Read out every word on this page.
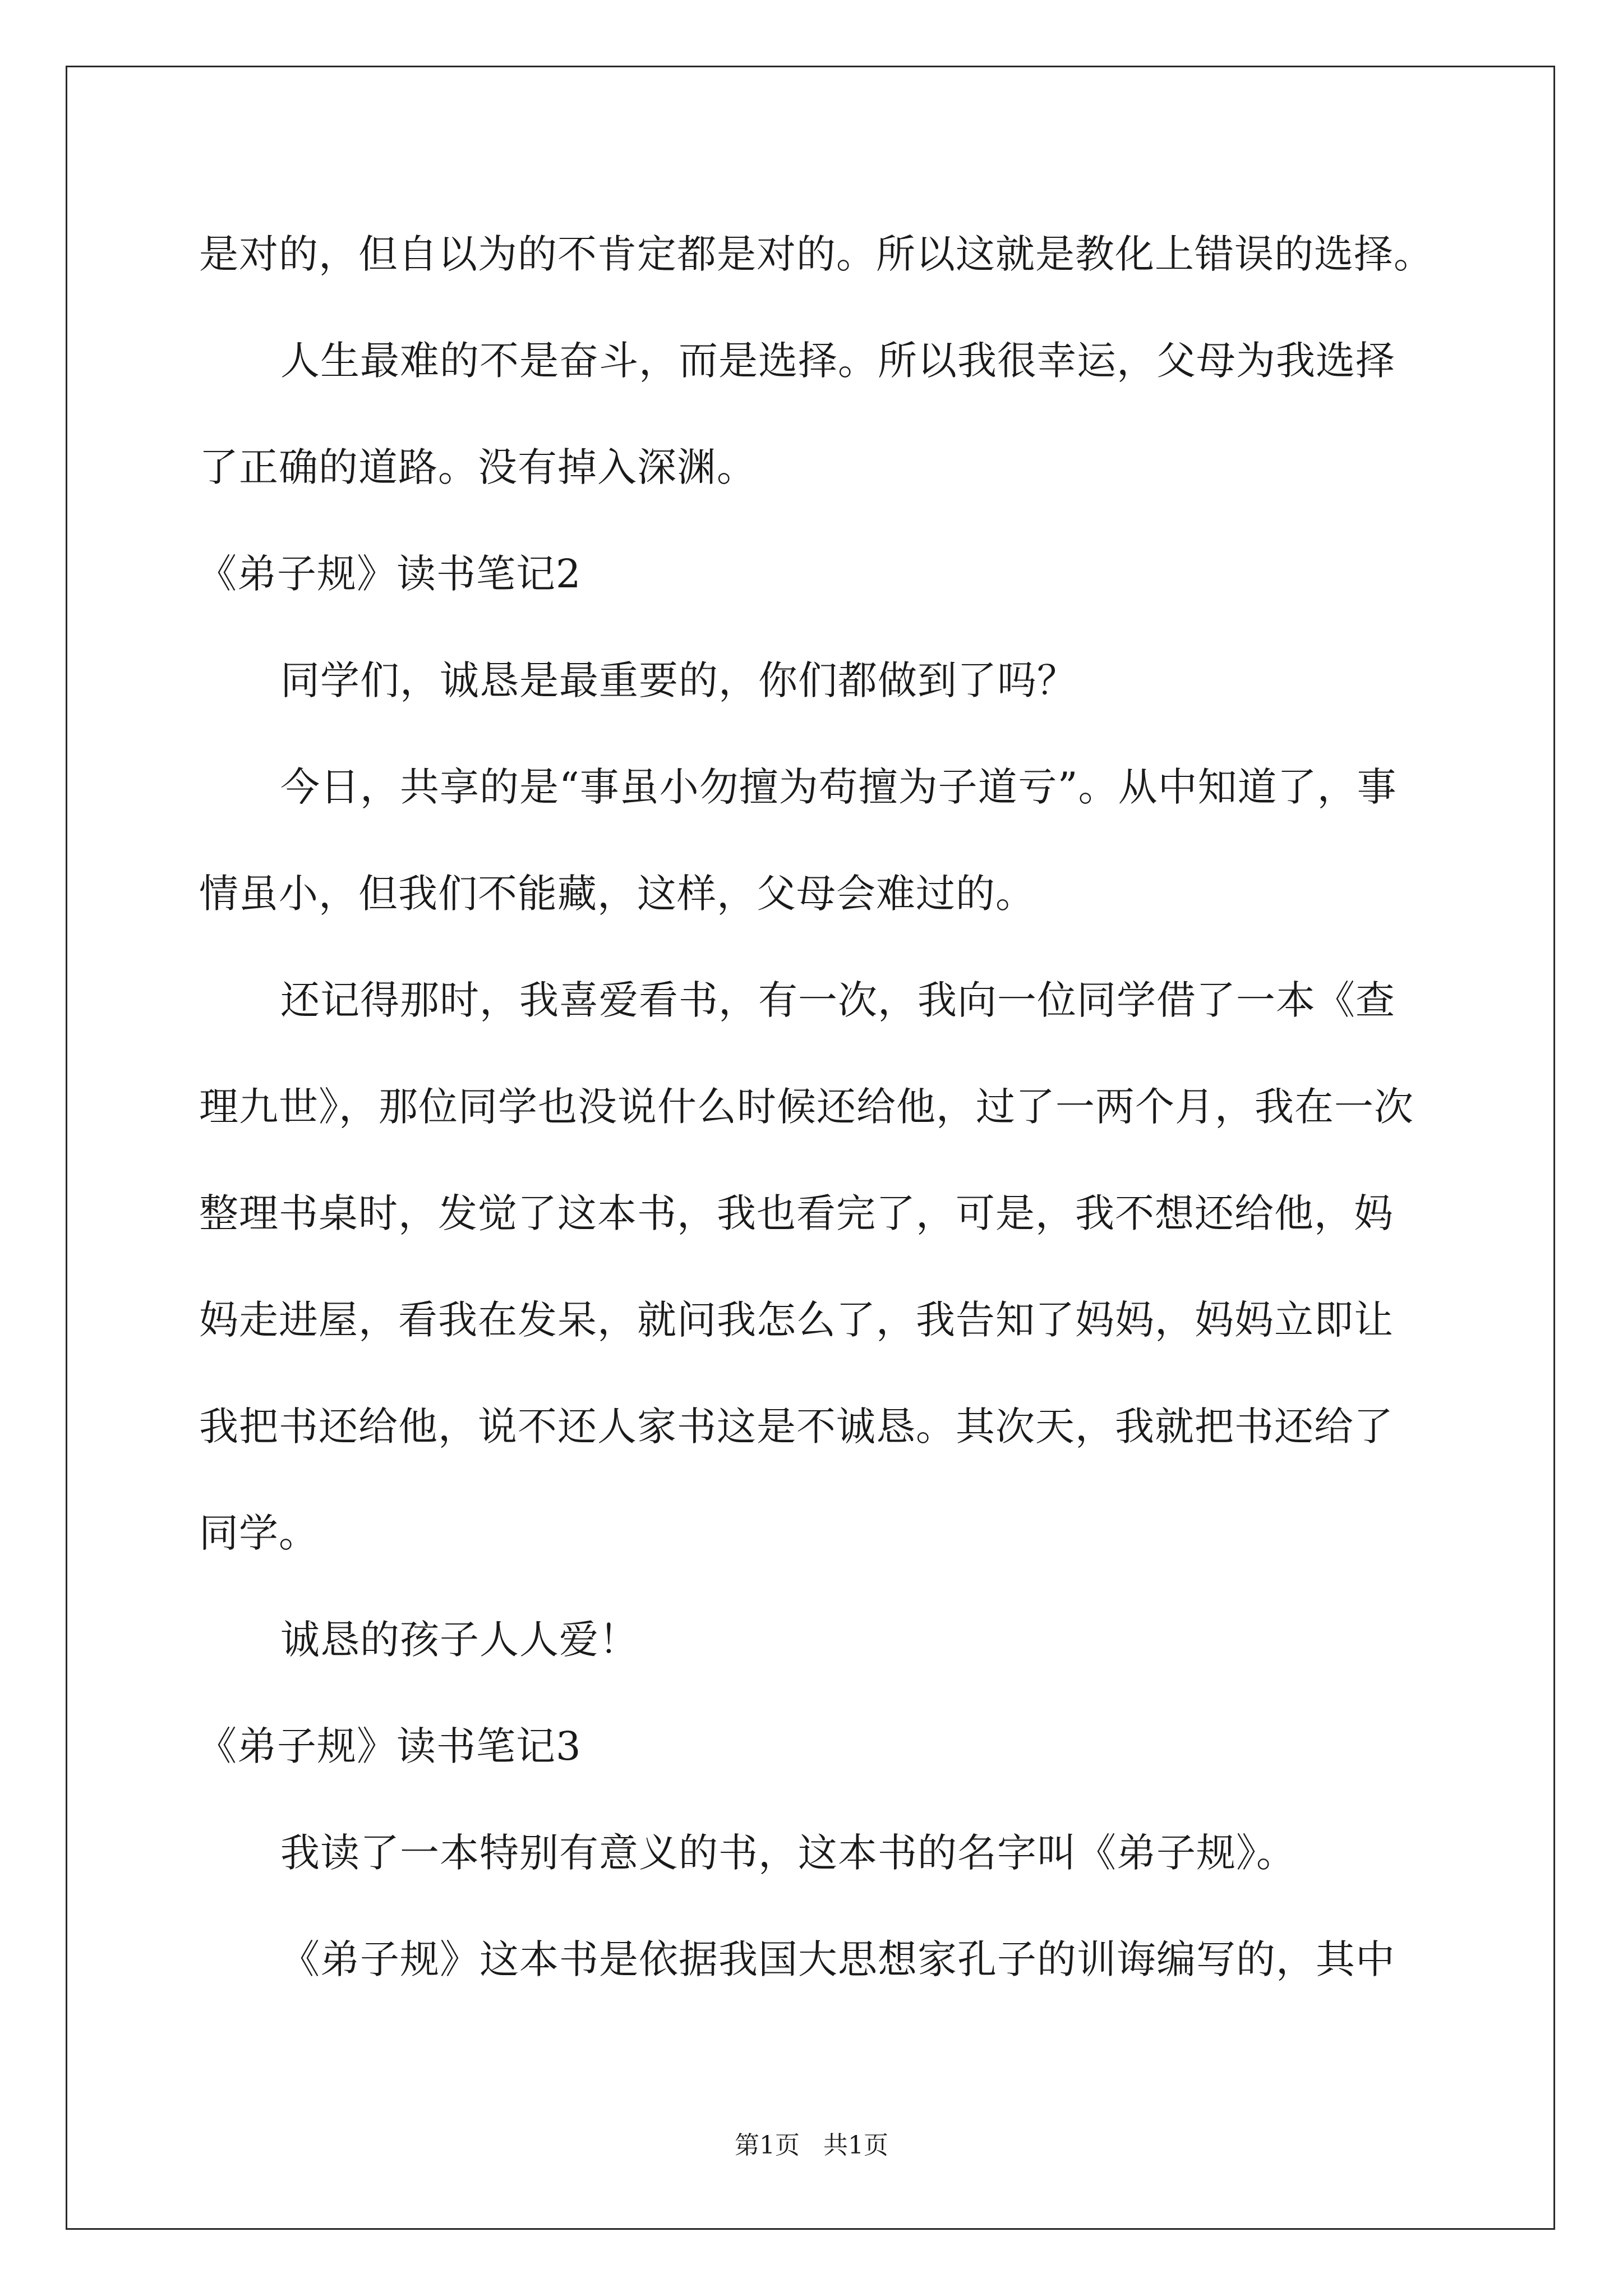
是对的，但自以为的不肯定都是对的。所以这就是教化上错误的选择。
人生最难的不是奋斗，而是选择。所以我很幸运，父母为我选择
了正确的道路。没有掉入深渊。
《弟子规》读书笔记2
同学们，诚恳是最重要的，你们都做到了吗？
今日，共享的是“事虽小勿擅为苟擅为子道亏”。从中知道了，事
情虽小，但我们不能藏，这样，父母会难过的。
还记得那时，我喜爱看书，有一次，我向一位同学借了一本《查
理九世》，那位同学也没说什么时候还给他，过了一两个月，我在一次
整理书桌时，发觉了这本书，我也看完了，可是，我不想还给他，妈
妈走进屋，看我在发呆，就问我怎么了，我告知了妈妈，妈妈立即让
我把书还给他，说不还人家书这是不诚恳。其次天，我就把书还给了
同学。
诚恳的孩子人人爱！
《弟子规》读书笔记3
我读了一本特别有意义的书，这本书的名字叫《弟子规》。
《弟子规》这本书是依据我国大思想家孔子的训诲编写的，其中
第1页   共1页
